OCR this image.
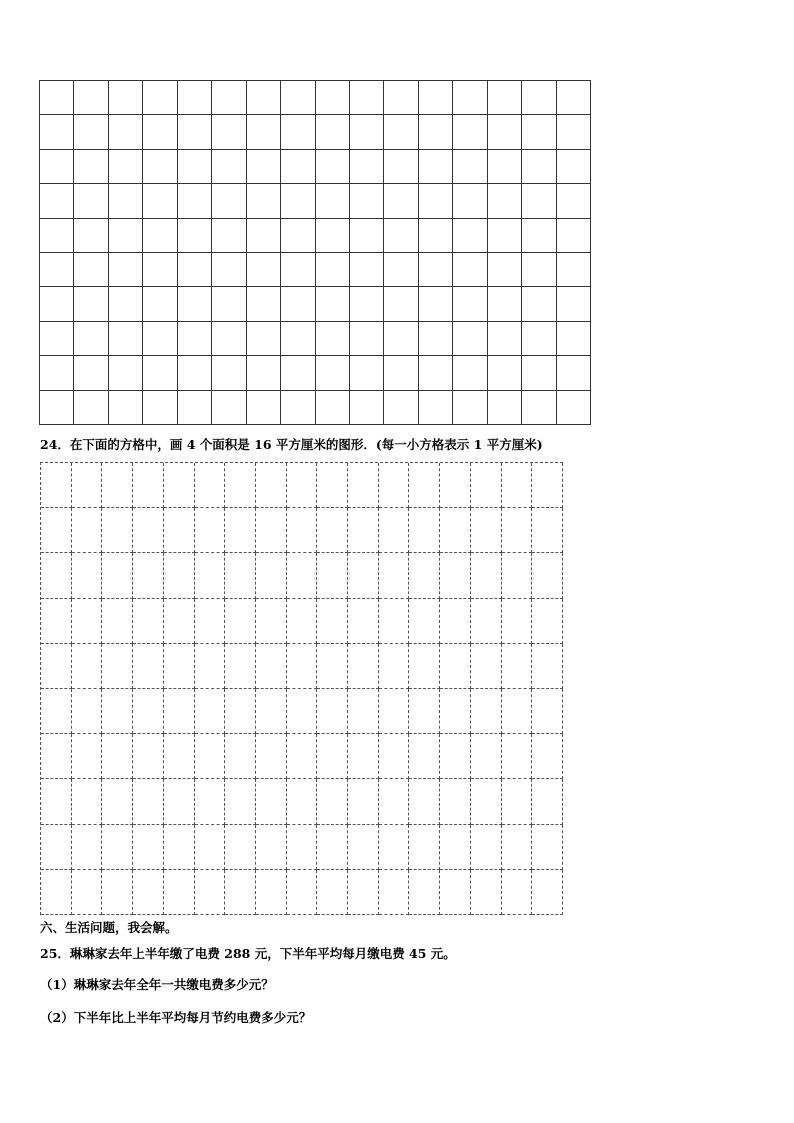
24．在下面的方格中，画 4 个面积是 16 平方厘米的图形．(每一小方格表示 1 平方厘米)
六、生活问题，我会解。
25．琳琳家去年上半年缴了电费 288 元，下半年平均每月缴电费 45 元。
（1）琳琳家去年全年一共缴电费多少元？
（2）下半年比上半年平均每月节约电费多少元？
